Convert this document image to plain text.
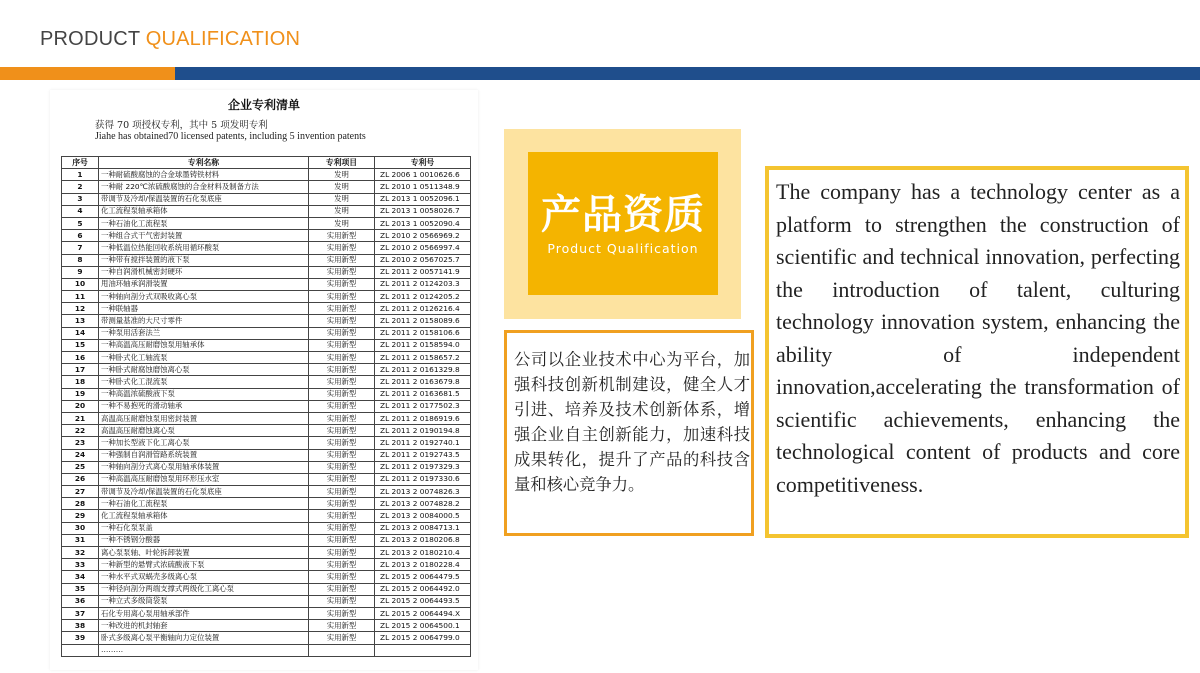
PRODUCT QUALIFICATION
企业专利清单
获得 70 项授权专利，其中 5 项发明专利
Jiahe has obtained70 licensed patents, including 5 invention patents
序号	专利名称	专利项目	专利号
1	一种耐硫酸腐蚀的合金球墨铸铁材料	发明	ZL 2006 1 0010626.6
2	一种耐 220℃浓硫酸腐蚀的合金材料及制备方法	发明	ZL 2010 1 0511348.9
3	带调节及冷却/保温装置的石化泵底座	发明	ZL 2013 1 0052096.1
4	化工流程泵轴承箱体	发明	ZL 2013 1 0058026.7
5	一种石油化工流程泵	发明	ZL 2013 1 0052090.4
6	一种组合式干气密封装置	实用新型	ZL 2010 2 0566969.2
7	一种低温位热能回收系统用循环酸泵	实用新型	ZL 2010 2 0566997.4
8	一种带有搅拌装置的液下泵	实用新型	ZL 2010 2 0567025.7
9	一种自润滑机械密封硬环	实用新型	ZL 2011 2 0057141.9
10	甩油环轴承润滑装置	实用新型	ZL 2011 2 0124203.3
11	一种轴向剖分式双吸收离心泵	实用新型	ZL 2011 2 0124205.2
12	一种联轴器	实用新型	ZL 2011 2 0126216.4
13	带测量基准的大尺寸零件	实用新型	ZL 2011 2 0158089.6
14	一种泵用活套法兰	实用新型	ZL 2011 2 0158106.6
15	一种高温高压耐磨蚀泵用轴承体	实用新型	ZL 2011 2 0158594.0
16	一种卧式化工轴流泵	实用新型	ZL 2011 2 0158657.2
17	一种卧式耐腐蚀磨蚀离心泵	实用新型	ZL 2011 2 0161329.8
18	一种卧式化工混流泵	实用新型	ZL 2011 2 0163679.8
19	一种高温浓硫酸液下泵	实用新型	ZL 2011 2 0163681.5
20	一种不易抱死的滑动轴承	实用新型	ZL 2011 2 0177502.3
21	高温高压耐磨蚀泵用密封装置	实用新型	ZL 2011 2 0186919.6
22	高温高压耐磨蚀离心泵	实用新型	ZL 2011 2 0190194.8
23	一种加长型液下化工离心泵	实用新型	ZL 2011 2 0192740.1
24	一种强制自润滑管路系统装置	实用新型	ZL 2011 2 0192743.5
25	一种轴向剖分式离心泵用轴承体装置	实用新型	ZL 2011 2 0197329.3
26	一种高温高压耐磨蚀泵用环形压水室	实用新型	ZL 2011 2 0197330.6
27	带调节及冷却/保温装置的石化泵底座	实用新型	ZL 2013 2 0074826.3
28	一种石油化工流程泵	实用新型	ZL 2013 2 0074828.2
29	化工流程泵轴承箱体	实用新型	ZL 2013 2 0084000.5
30	一种石化泵泵盖	实用新型	ZL 2013 2 0084713.1
31	一种不锈钢分酸器	实用新型	ZL 2013 2 0180206.8
32	离心泵泵轴、叶轮拆卸装置	实用新型	ZL 2013 2 0180210.4
33	一种新型的悬臂式浓硫酸液下泵	实用新型	ZL 2013 2 0180228.4
34	一种水平式双蜗壳多级离心泵	实用新型	ZL 2015 2 0064479.5
35	一种径向剖分两端支撑式两级化工离心泵	实用新型	ZL 2015 2 0064492.0
36	一种立式多级筒袋泵	实用新型	ZL 2015 2 0064493.5
37	石化专用离心泵用轴承部件	实用新型	ZL 2015 2 0064494.X
38	一种改进的机封轴套	实用新型	ZL 2015 2 0064500.1
39	卧式多级离心泵平衡轴向力定位装置	实用新型	ZL 2015 2 0064799.0
	………		
产品资质
Product Qualification
公司以企业技术中心为平台，加强科技创新机制建设，健全人才引进、培养及技术创新体系，增强企业自主创新能力，加速科技成果转化，提升了产品的科技含量和核心竞争力。
The company has a technology center as a platform to strengthen the construction of scientific and technical innovation, perfecting the introduction of talent, culturing technology innovation system, enhancing the ability of independent innovation,accelerating the transformation of scientific achievements, enhancing the technological content of products and core competitiveness.
